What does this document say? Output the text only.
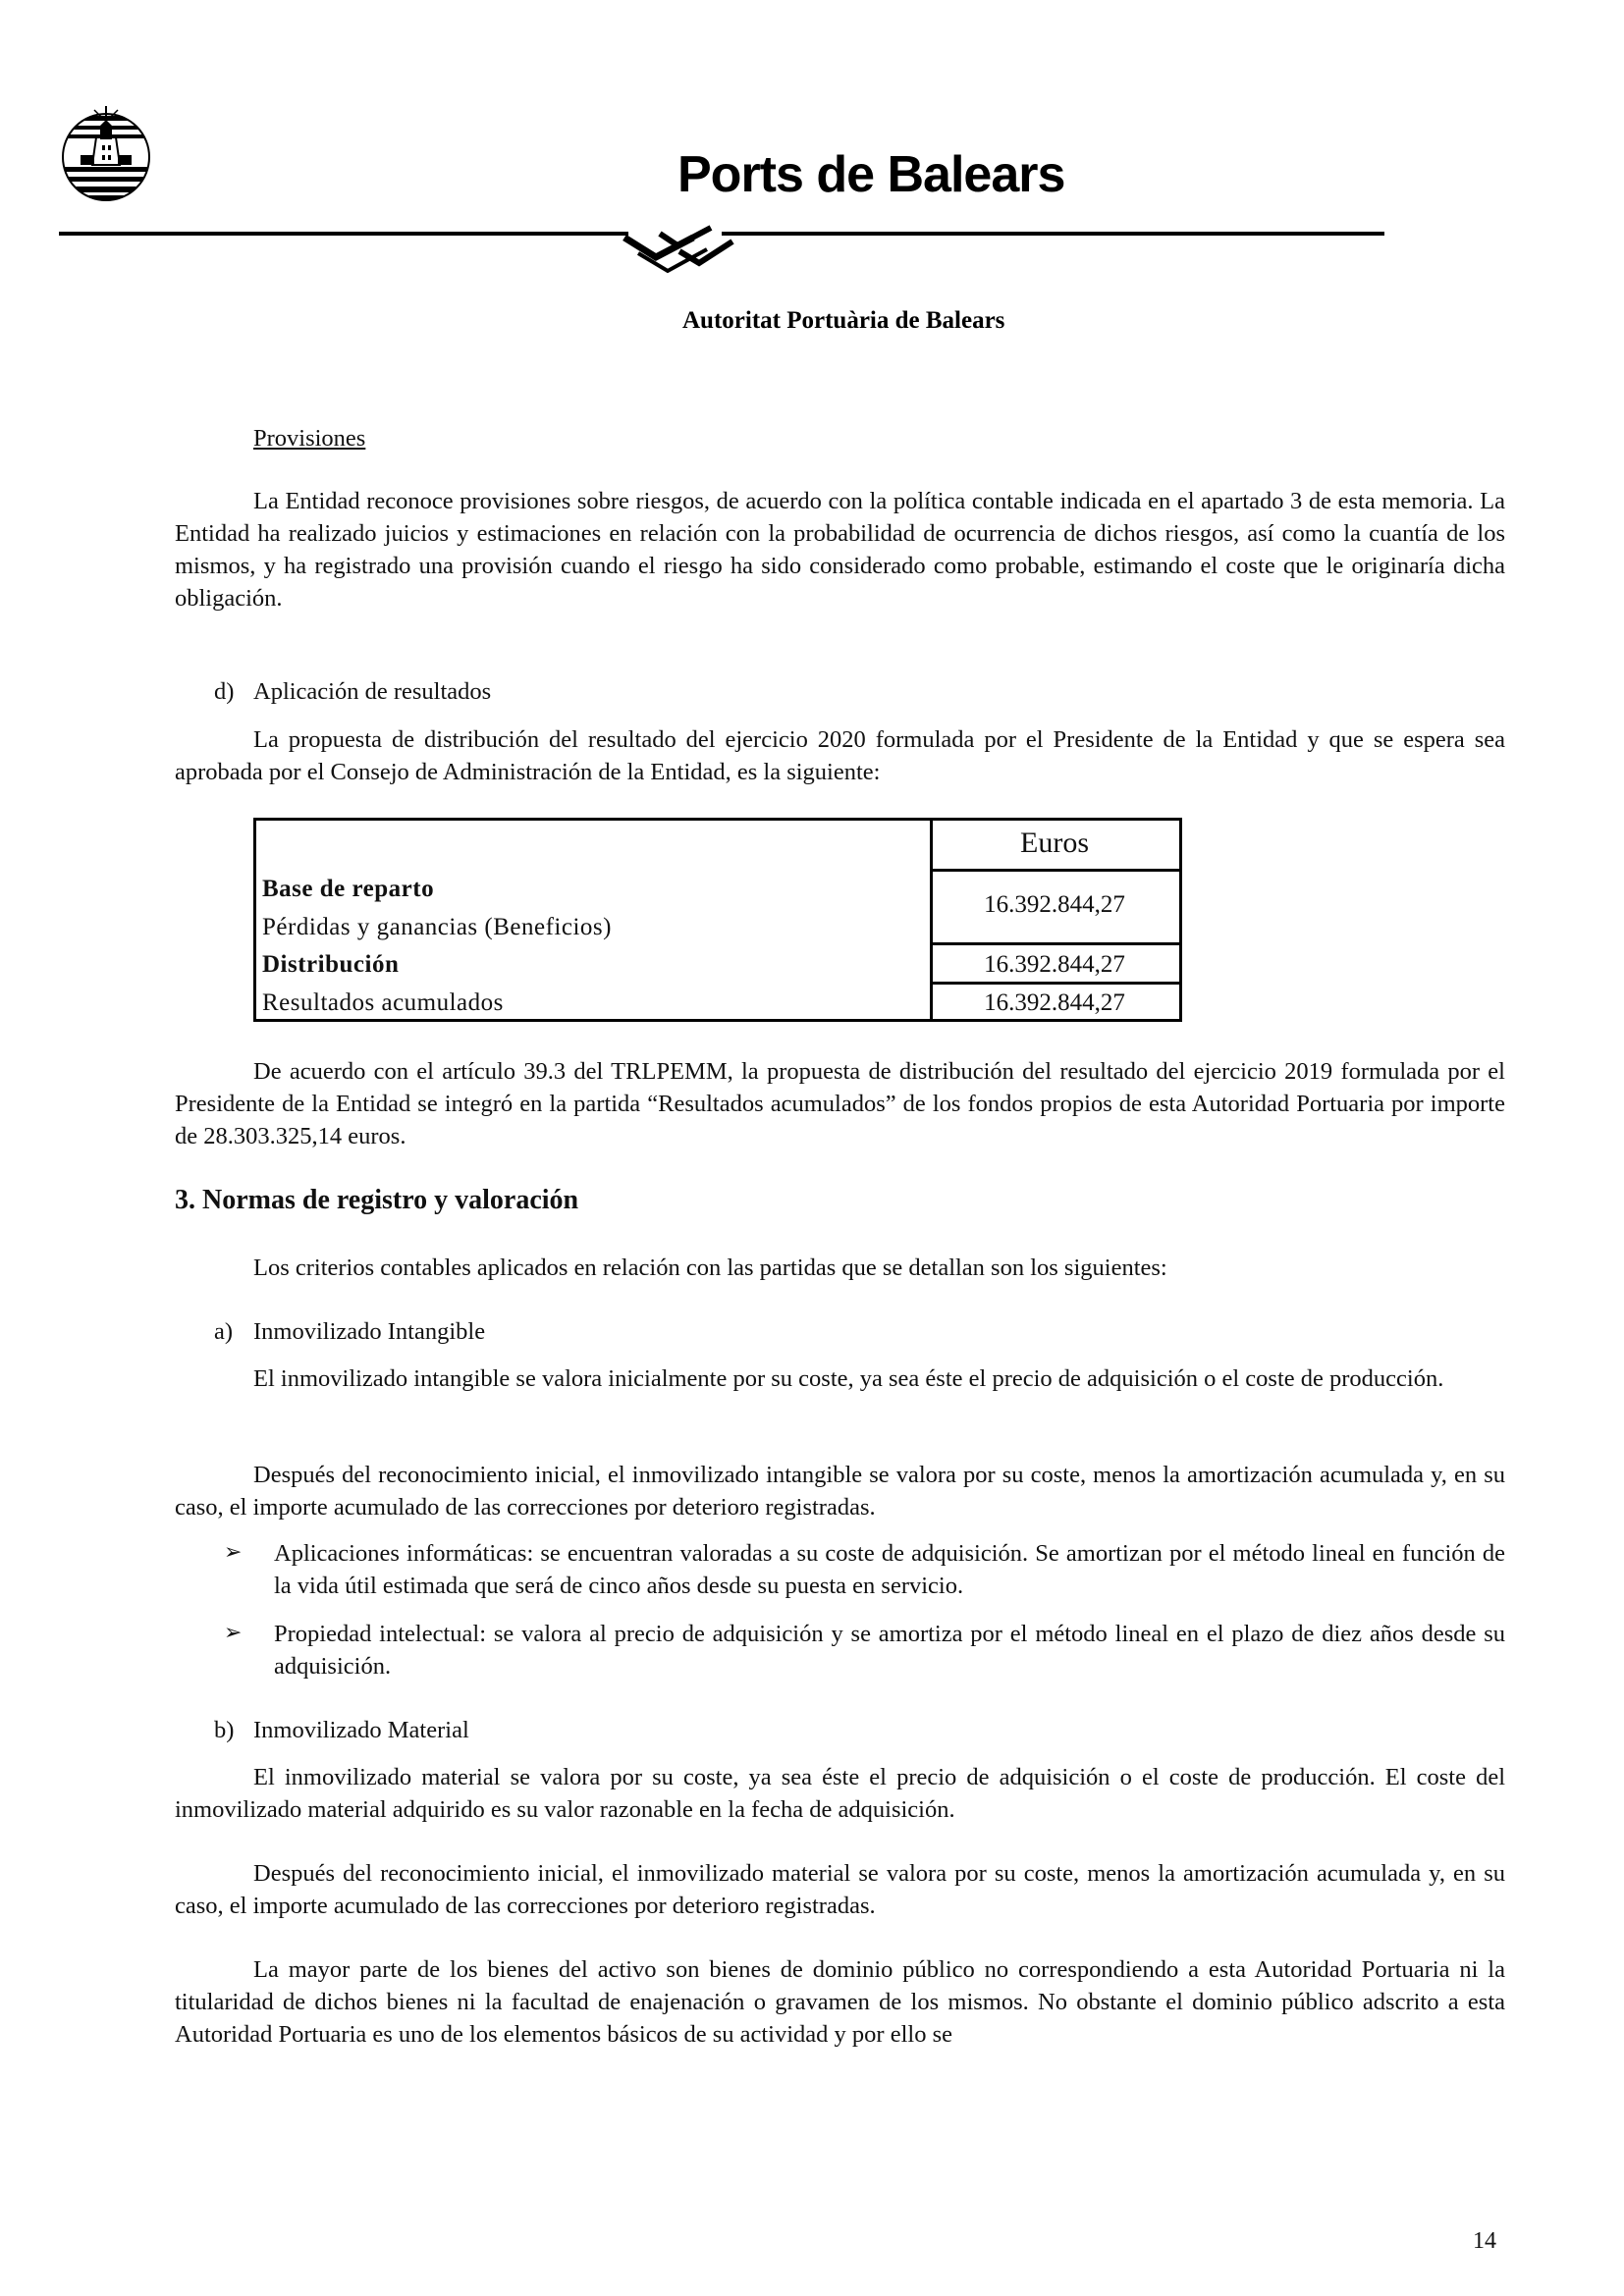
Ports de Balears
Autoritat Portuària de Balears
Provisiones

La Entidad reconoce provisiones sobre riesgos, de acuerdo con la política contable indicada en el apartado 3 de esta memoria. La Entidad ha realizado juicios y estimaciones en relación con la probabilidad de ocurrencia de dichos riesgos, así como la cuantía de los mismos, y ha registrado una provisión cuando el riesgo ha sido considerado como probable, estimando el coste que le originaría dicha obligación.

d) Aplicación de resultados

La propuesta de distribución del resultado del ejercicio 2020 formulada por el Presidente de la Entidad y que se espera sea aprobada por el Consejo de Administración de la Entidad, es la siguiente:

Euros
Base de reparto
Pérdidas y ganancias (Beneficios)
16.392.844,27
Distribución	16.392.844,27
Resultados acumulados	16.392.844,27

De acuerdo con el artículo 39.3 del TRLPEMM, la propuesta de distribución del resultado del ejercicio 2019 formulada por el Presidente de la Entidad se integró en la partida “Resultados acumulados” de los fondos propios de esta Autoridad Portuaria por importe de 28.303.325,14 euros.

3. Normas de registro y valoración

Los criterios contables aplicados en relación con las partidas que se detallan son los siguientes:

a) Inmovilizado Intangible

El inmovilizado intangible se valora inicialmente por su coste, ya sea éste el precio de adquisición o el coste de producción.

Después del reconocimiento inicial, el inmovilizado intangible se valora por su coste, menos la amortización acumulada y, en su caso, el importe acumulado de las correcciones por deterioro registradas.

➢ Aplicaciones informáticas: se encuentran valoradas a su coste de adquisición. Se amortizan por el método lineal en función de la vida útil estimada que será de cinco años desde su puesta en servicio.

➢ Propiedad intelectual: se valora al precio de adquisición y se amortiza por el método lineal en el plazo de diez años desde su adquisición.

b) Inmovilizado Material

El inmovilizado material se valora por su coste, ya sea éste el precio de adquisición o el coste de producción. El coste del inmovilizado material adquirido es su valor razonable en la fecha de adquisición.

Después del reconocimiento inicial, el inmovilizado material se valora por su coste, menos la amortización acumulada y, en su caso, el importe acumulado de las correcciones por deterioro registradas.

La mayor parte de los bienes del activo son bienes de dominio público no correspondiendo a esta Autoridad Portuaria ni la titularidad de dichos bienes ni la facultad de enajenación o gravamen de los mismos. No obstante el dominio público adscrito a esta Autoridad Portuaria es uno de los elementos básicos de su actividad y por ello se

14
